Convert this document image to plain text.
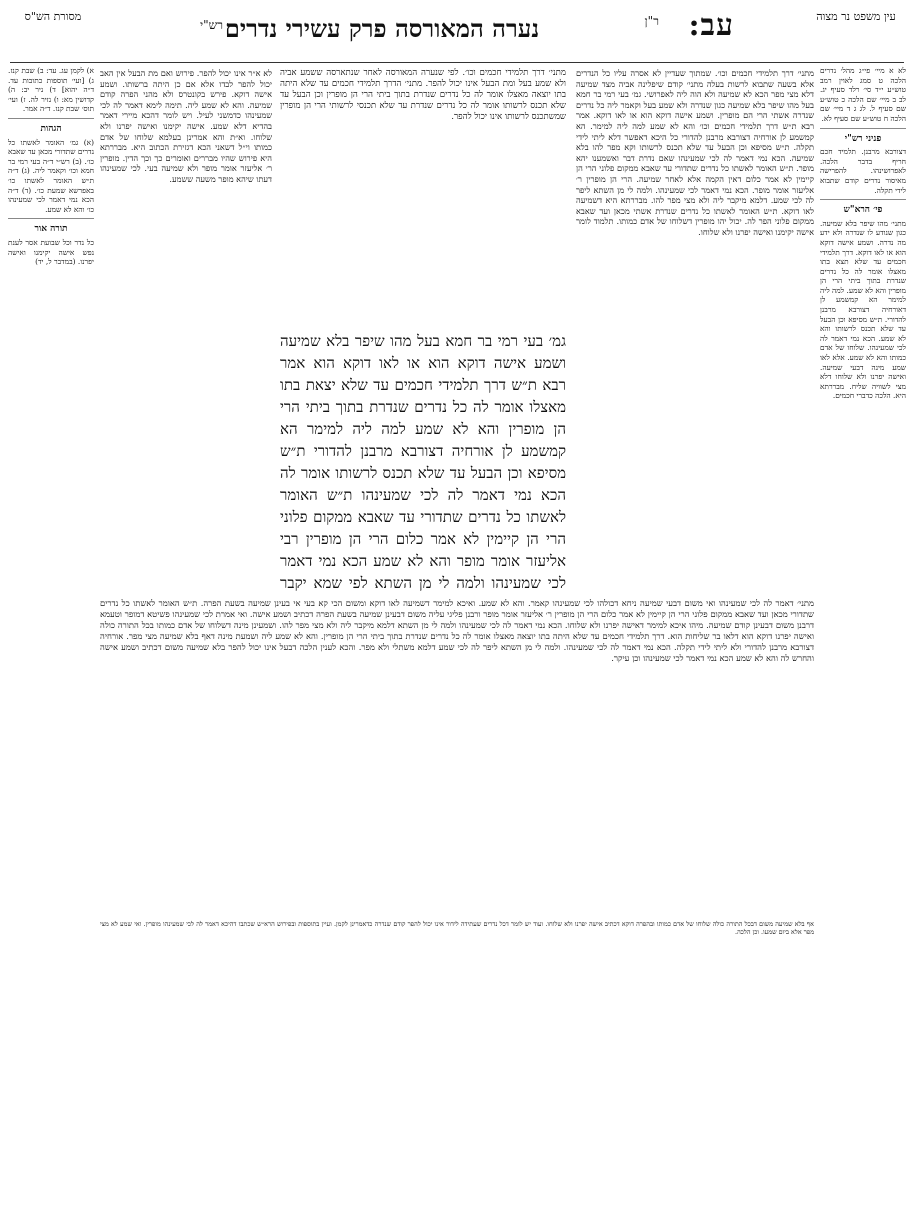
עין משפט נר מצוה
עב:
ר"ן
נערה המאורסה פרק עשירי נדרים
רש"י
מסורת הש"ס

מתני׳ דרך תלמידי חכמים וכו׳. לפי שנערה המאורסה לאחר שנתארסה ששמע אביה ולא שמע בעל ומת הבעל אינו יכול להפר. מתני׳ הדרך תלמידי חכמים עד שלא היתה בתו יוצאה מאצלו אומר לה כל נדרים שנדרת בתוך ביתי הרי הן מופרין וכן הבעל עד שלא תכנס לרשותו אומר לה כל נדרים שנדרת עד שלא תכנסי לרשותי הרי הן מופרין שמשתכנס לרשותו אינו יכול להפר.

גמ׳ בעי רמי בר חמא בעל מהו שיפר בלא שמיעה ושמע אישה דוקא הוא או לאו דוקא הוא אמר רבא ת״ש דרך תלמידי חכמים עד שלא יצאת בתו מאצלו אומר לה כל נדרים שנדרת בתוך ביתי הרי הן מופרין והא לא שמע למה ליה למימר הא קמשמע לן אורחיה דצורבא מרבנן להדורי ת״ש מסיפא וכן הבעל עד שלא תכנס לרשותו אומר לה הכא נמי דאמר לה לכי שמעינהו ת״ש האומר לאשתו כל נדרים שתדורי עד שאבא ממקום פלוני הרי הן קיימין לא אמר כלום הרי הן מופרין רבי אליעזר אומר מופר והא לא שמע הכא נמי דאמר לכי שמעינהו ולמה לי מן השתא לפי שמא יקבר

מתני׳ דרך תלמידי חכמים וכו׳. שמתוך שעדיין לא אסרה עליו כל הנדרים אלא בשעה שתבוא לרשות בעלה מתני׳ קודם שיפלינה אביה מצד שמיעה דלא מצי מפר הכא לא שמיעה ולא הוה ליה לאפרושי. גמ׳ בעי רמי בר חמא בעל מהו שיפר בלא שמיעה כגון שנדרה ולא שמע בעל וקאמר ליה כל נדרים שנדרה אשתי הרי הם מופרין. ושמע אישה דוקא הוא או לאו דוקא. אמר רבא ת״ש דרך תלמידי חכמים וכו׳ והא לא שמע למה ליה למימר. הא קמשמע לן אורחיה דצורבא מרבנן להדורי כל היכא דאפשר דלא ליתי לידי תקלה. ת״ש מסיפא וכן הבעל עד שלא תכנס לרשותו וקא מפר להו בלא שמיעה. הכא נמי דאמר לה לכי שמעינהו שאם נדרת דבר ואשמענו יהא מופר. ת״ש האומר לאשתו כל נדרים שתדורי עד שאבא ממקום פלוני הרי הן קיימין לא אמר כלום דאין הקמה אלא לאחר שמיעה. הרי הן מופרין ר׳ אליעזר אומר מופר. הכא נמי דאמר לכי שמעינהו. ולמה לי מן השתא ליפר לה לכי שמע. דלמא מיקבר ליה ולא מצי מפר להו. מבררתא היא דשמיעה לאו דוקא. ת״ש האומר לאשתו כל נדרים שנדרת אשתי מכאן ועד שאבא ממקום פלוני הפר לה. יכול יהו מופרין דשלוחו של אדם כמותו. תלמוד לומר אישה יקימנו ואישה יפרנו ולא שלוחו.

לא א״ר אינו יכול להפר. פירוש ואם מת הבעל אין האב יכול להפר לבדו אלא אם כן היתה ברשותו. ושמע אישה דוקא. פירש בקונטרס ולא מהני הפרה קודם שמיעה. והא לא שמע ליה. תימה לימא דאמר לה לכי שמעינהו כדמשני לעיל. ויש לומר דהכא מיירי דאמר בהדיא דלא שמע. אישה יקימנו ואישה יפרנו ולא שלוחו. וא״ת והא אמרינן בעלמא שלוחו של אדם כמותו וי״ל דשאני הכא דגזירת הכתוב היא. מבררתא היא פירוש שהיו מבררים ואומרים כך וכך הדין. מופרין ר׳ אליעזר אומר מופר ולא שמיעה בעי. לכי שמעינהו דעתו שיהא מופר משעה ששמע.

מתני׳ דאמר לה לכי שמעינהו ואי משום דבעי שמיעה ניחא דכולהו לכי שמעינהו קאמר. והא לא שמע. ואיכא למימר דשמיעה לאו דוקא ומשום הכי קא בעי אי בעינן שמיעה בשעת הפרה. ת״ש האומר לאשתו כל נדרים שתדורי מכאן ועד שאבא ממקום פלוני הרי הן קיימין לא אמר כלום הרי הן מופרין ר׳ אליעזר אומר מופר ורבנן פליגי עליה משום דבעינן שמיעה בשעת הפרה דכתיב ושמע אישה. ואי אמרת לכי שמעינהו פשיטא דמופר וטעמא דרבנן משום דבעינן קודם שמיעה. מיהו איכא למימר דאישה יפרנו ולא שלוחו. הכא נמי דאמר לה לכי שמעינהו ולמה לי מן השתא דלמא מיקבר ליה ולא מצי מפר להו. ושמעינן מינה דשלוחו של אדם כמותו בכל התורה כולה ואישה יפרנו דוקא הוא דלאו בר שליחות הוא. דרך תלמידי חכמים עד שלא היתה בתו יוצאה מאצלו אומר לה כל נדרים שנדרת בתוך ביתי הרי הן מופרין. והא לא שמע ליה ושמעת מינה דאף בלא שמיעה מצי מפר. אורחיה דצורבא מרבנן להדורי ולא ליתי לידי תקלה. הכא נמי דאמר לה לכי שמעינהו. ולמה לי מן השתא ליפר לה לכי שמע דלמא משתלי ולא מפר. והכא לענין הלכה דבעל אינו יכול להפר בלא שמיעה משום דכתיב ושמע אישה והחרש לה והא לא שמע הכא נמי דאמר לכי שמעינהו וכן עיקר.

אף בלא שמיעה משום דבכל התורה כולה שלוחו של אדם כמותו ובהפרה דוקא דכתיב אישה יפרנו ולא שלוחו. ועוד יש לומר דכל נדרים שעתידה לידור אינו יכול להפר קודם שנדרה כדאמרינן לקמן. ועיין בתוספות ובפירוש הרא״ש שכתבו דהיכא דאמר לה לכי שמעינהו מופרין. ואי שמע לא מצי מפר אלא ביום שמעו. וכן הלכה.

לא א מיי׳ פי״ג מהל׳ נדרים הלכה ט סמג לאוין רמב טוש״ע י״ד סי׳ רלד סעיף יג. לב ב מיי׳ שם הלכה כ טוש״ע שם סעיף ל. לג ג ד מיי׳ שם הלכה ח טוש״ע שם סעיף לא.
פניני רש"י
דצורבא מרבנן. תלמיד חכם חריף בדבר הלכה. לאפרושינהו. להפרישה מאיסור נדרים קודם שתבוא לידי תקלה.
פי׳ הרא"ש
מתני׳ מהו שיפר בלא שמיעה. כגון שנודע לו שנדרה ולא ידע מה נדרה. ושמע אישה דוקא הוא או לאו דוקא. דרך תלמידי חכמים עד שלא תצא בתו מאצלו אומר לה כל נדרים שנדרת בתוך ביתי הרי הן מופרין והא לא שמע. למה ליה למימר הא קמשמע לן דאורחיה דצורבא מרבנן להדורי. ת״ש מסיפא וכן הבעל עד שלא תכנס לרשותו והא לא שמע. הכא נמי דאמר לה לכי שמעינהו. שלוחו של אדם כמותו והא לא שמע. אלא לאו שמע מינה דבעי שמיעה. ואישה יפרנו ולא שלוחו דלא מצי לשוויה שליח. מבררתא היא. הלכה כדברי חכמים.
א) לקמן עג. עד: ב) שבת קנז. ג) [ועי׳ תוספות כתובות עד. ד״ה יהוא] ד) ניר יב: ה) קדושין מא: ו) נזיר לה. ז) ועי׳ תוס׳ שבת קנז. ד״ה אמר.
הגהות
(א) גמ׳ האומר לאשתו כל נדרים שתדורי מכאן עד שאבא כו׳. (ב) רש״י ד״ה בעי רמי בר חמא וכו׳ וקאמר ליה. (ג) ד״ה ת״ש האומר לאשתו כו׳ באפרשא שמעת כו׳. (ד) ד״ה הכא נמי דאמר לכי שמעינהו כו׳ והא לא שמע.
תורה אור
כל נדר וכל שבועת אסר לענת נפש אישה יקימנו ואישה יפרנו. (במדבר ל, יד)
